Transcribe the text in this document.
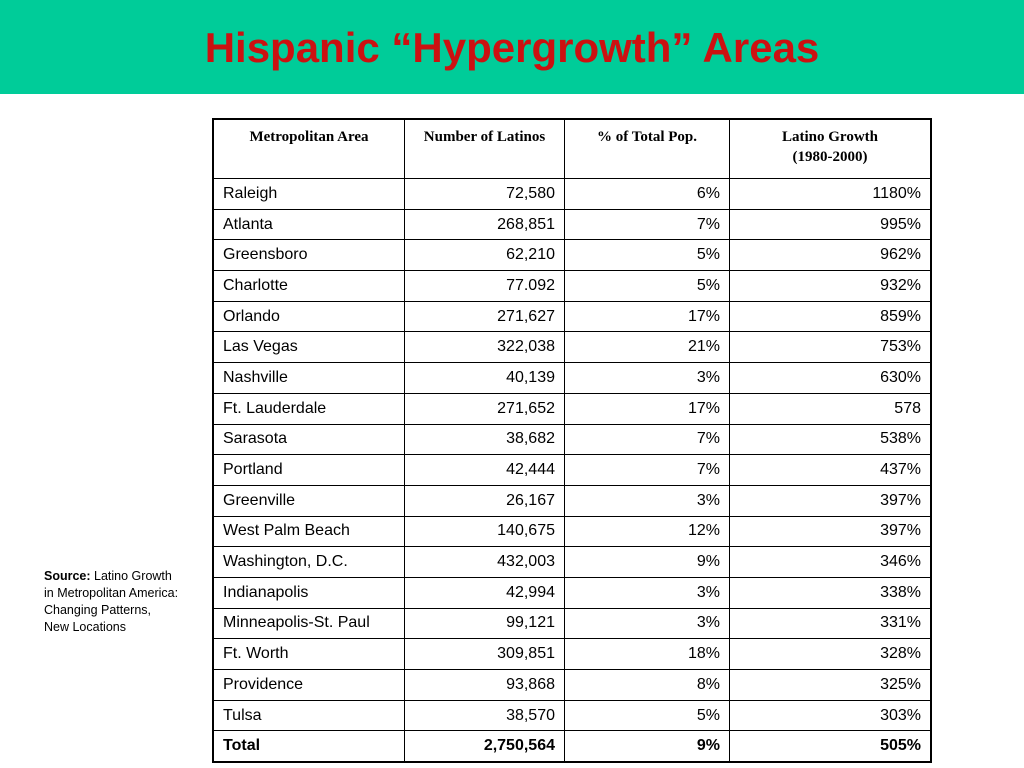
Hispanic “Hypergrowth” Areas
Metropolitan Area	Number of Latinos	% of Total Pop.	Latino Growth
(1980-2000)
Raleigh	72,580	6%	1180%
Atlanta	268,851	7%	995%
Greensboro	62,210	5%	962%
Charlotte	77.092	5%	932%
Orlando	271,627	17%	859%
Las Vegas	322,038	21%	753%
Nashville	40,139	3%	630%
Ft. Lauderdale	271,652	17%	578
Sarasota	38,682	7%	538%
Portland	42,444	7%	437%
Greenville	26,167	3%	397%
West Palm Beach	140,675	12%	397%
Washington, D.C.	432,003	9%	346%
Indianapolis	42,994	3%	338%
Minneapolis-St. Paul	99,121	3%	331%
Ft. Worth	309,851	18%	328%
Providence	93,868	8%	325%
Tulsa	38,570	5%	303%
Total	2,750,564	9%	505%
Source: Latino Growth in Metropolitan America: Changing Patterns, New Locations
